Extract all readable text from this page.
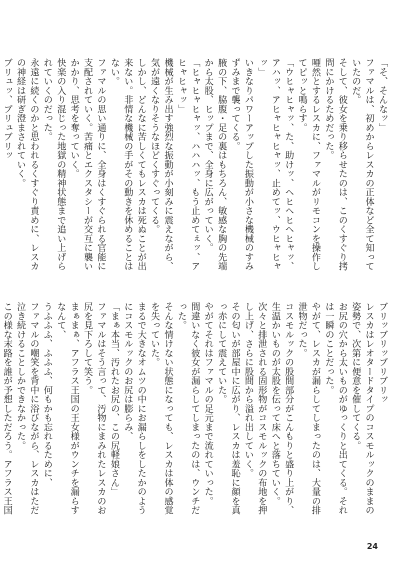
「そ、そんなッ」

ファマルは、初めからレスカの正体など全て知っていたのだ。

そして、彼女を乗り移らせたのは、このくすぐり拷問にかけるためだった。

唖然とするレスカに、ファマルがリモコンを操作してピッと鳴らす。

「ウヒャヒャッ、た、助けッ、ヘヒヘヒヘヒャッ、アハッ、アヒャヒャヒャッ、止めてッ、ウヒャヒャッ」

いきなりパワーアップした振動が小さな機械のすみずみまで襲ってくる。

腋の下、脇腹・足の裏はもちろん、敏感な胸の先端から太股、ヒップまで、全身に広がっていく。

「ヒャヒャヒャッ、ハハハッ、もう止めてぇッ、アヒャヒャッ」

機械が生み出す強烈な振動が小刻みに震えながら、気が遠くなりそうなほどくすぐってくる。

しかし、どんなに苦しくてもレスカは死ぬことが出来ない。非情な機械の手がその動きを休めることはない。

ファマルの思い通りに、全身はくすぐられる官能に支配されていく。苦痛とエクスタシーが交互に襲いかかり、思考を奪っていく。

快楽の入り混じった地獄の精神状態まで追い上げられていくのだった。

永遠に続くのかと思われるくすぐり責めに、レスカの神経は研ぎ澄まされていく。

ブリュッ、ブリュブリッ

ブリッブリッブリブリッ

レスカはレオタードタイプのコスモルックのままの姿勢で、次第に便意を催してくる。

お尻の穴から太いものがゆっくりと出てくる。それは一瞬のことだった。

やがて、レスカが漏らしてしまったのは、大量の排泄物だった。

コスモルックの股間部分がこんもりと盛り上がり、生温かいものが太股を伝って床へと落ちていく。

次々と排泄される固形物がコスモルックの布地を押し上げ、さらに股間から溢れ出していく。

その匂いが部屋中に広がり、レスカは羞恥に顔を真っ赤にして震えていた。

やがてそれはファマルの足元まで流れていった。

間違いなく彼女が漏らしてしまったのは、ウンチだった。

そんな情けない状態になっても、レスカは体の感覚を失っていた。

まるで大きなオムツの中にお漏らしをしたかのようにコスモルックのお尻は膨らみ、

「まぁ本当、汚れたお尻の、この尻軽娘さん」

ファマルはそう言って、汚物にまみれたレスカのお尻を見下ろして笑う。

まぁまぁ、アフラス王国の王女様がウンチを漏らすなんて、

うふふふ、ふふふ、何もかも忘れるために、

ファマルの嘲笑を背中に浴びながら、レスカはただ泣き続けることしかできなかった。

この様な末路を誰が予想しただろう。アフラス王国

24
